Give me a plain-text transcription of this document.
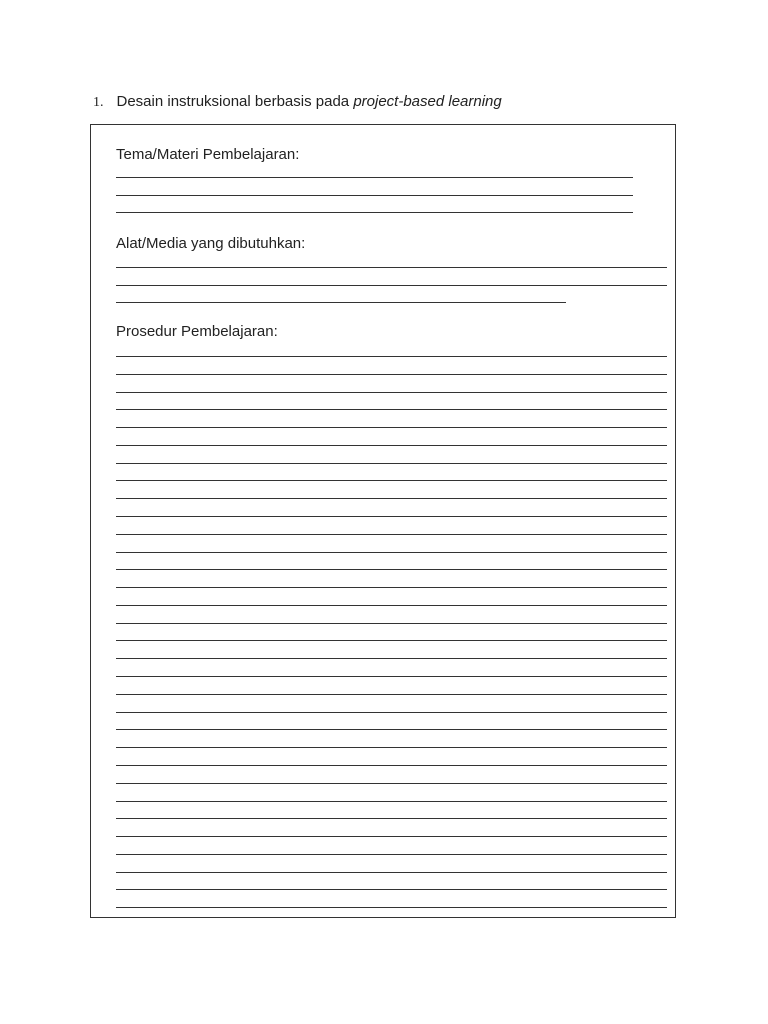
1. Desain instruksional berbasis pada project-based learning
Tema/Materi Pembelajaran:
Alat/Media yang dibutuhkan:
Prosedur Pembelajaran:
